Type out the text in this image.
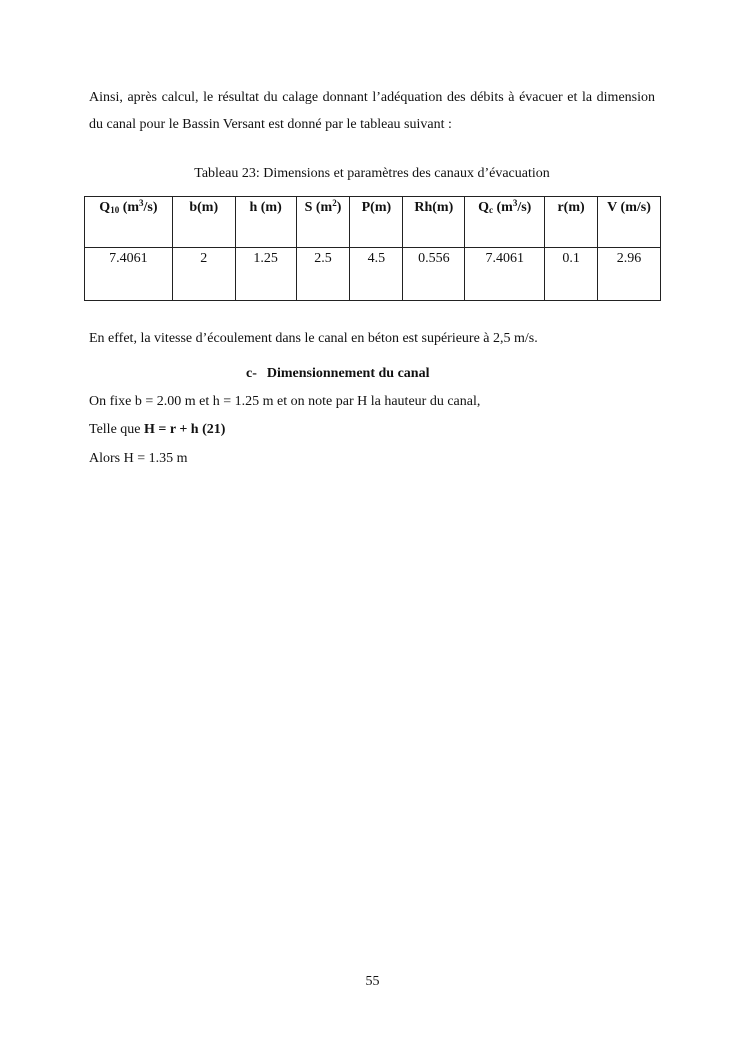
Ainsi, après calcul, le résultat du calage donnant l’adéquation des débits à évacuer et la dimension du canal pour le Bassin Versant est donné par le tableau suivant :

Tableau 23: Dimensions et paramètres des canaux d’évacuation

$Q_{10}$ $(m^3/s)$	b(m)	h (m)	S $(m^2)$	P(m)	Rh(m)	$Q_c$ $(m^3/s)$	r(m)	V (m/s)
7.4061	2	1.25	2.5	4.5	0.556	7.4061	0.1	2.96

En effet, la vitesse d’écoulement dans le canal en béton est supérieure à 2,5 m/s.

c- Dimensionnement du canal

On fixe b = 2.00 m et h = 1.25 m et on note par H la hauteur du canal,

Telle que H = r + h (21)

Alors H = 1.35 m

55
